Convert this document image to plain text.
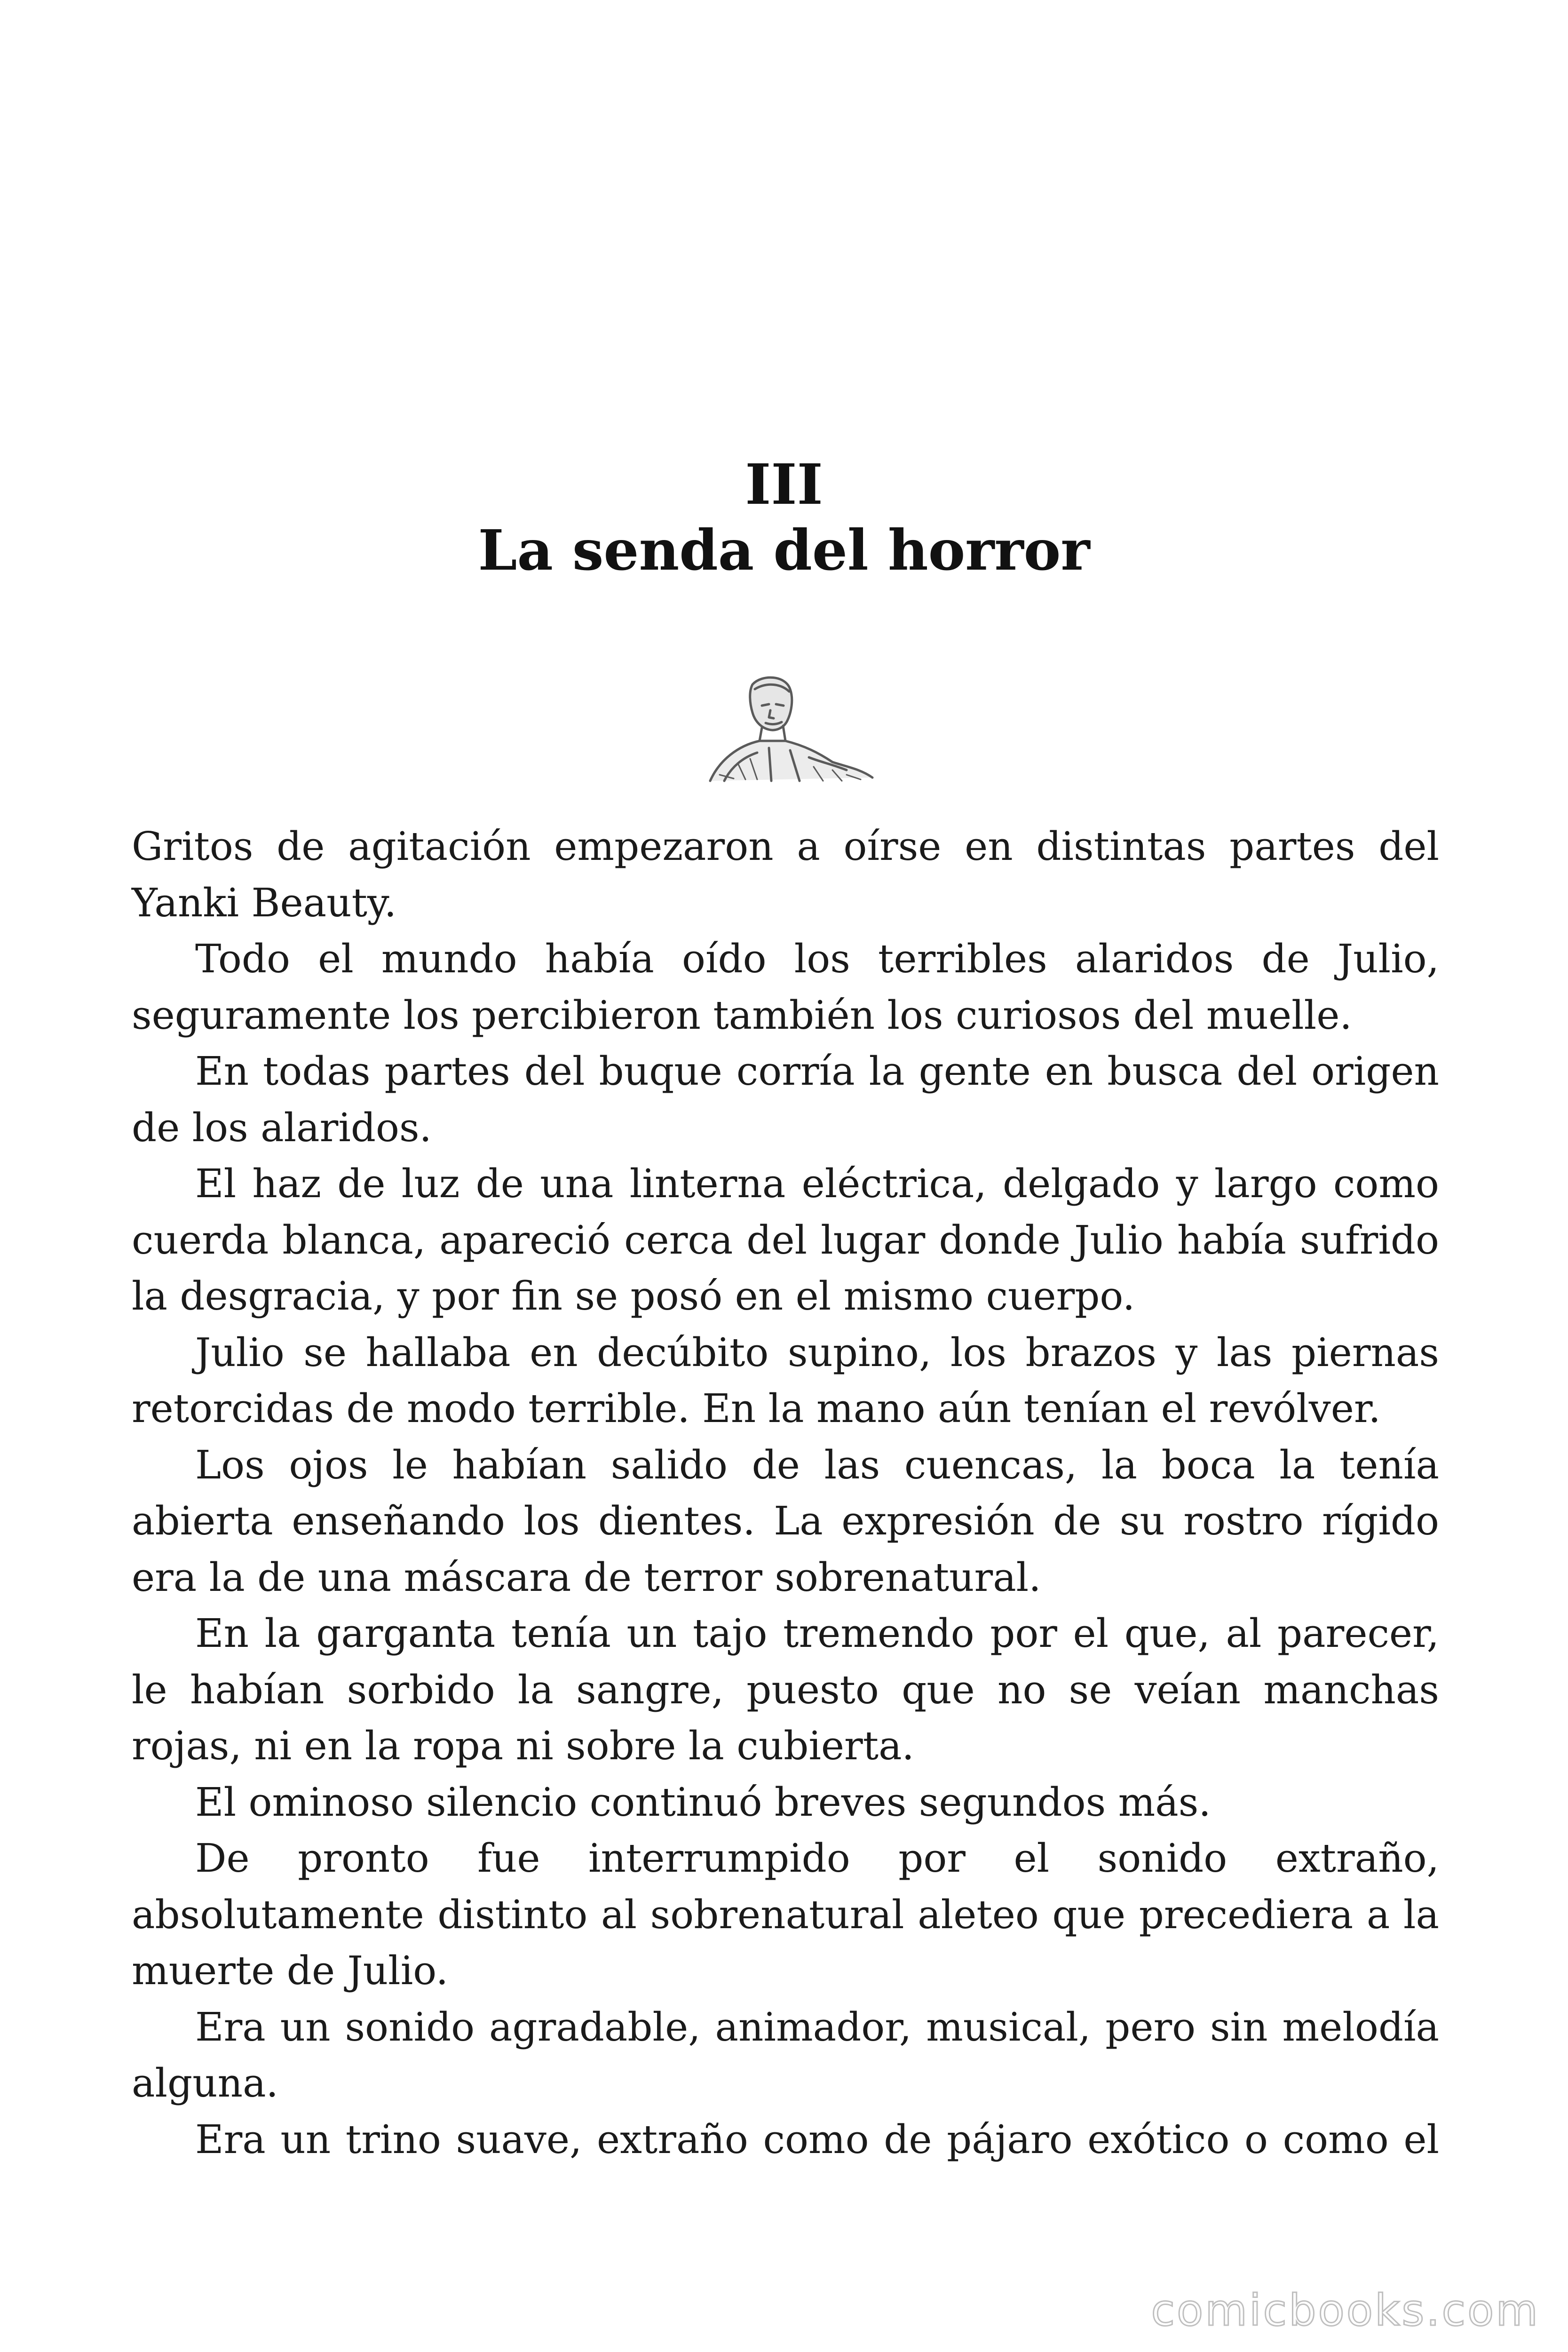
III
La senda del horror

Gritos de agitación empezaron a oírse en distintas partes del Yanki Beauty.

Todo el mundo había oído los terribles alaridos de Julio, seguramente los percibieron también los curiosos del muelle.

En todas partes del buque corría la gente en busca del origen de los alaridos.

El haz de luz de una linterna eléctrica, delgado y largo como cuerda blanca, apareció cerca del lugar donde Julio había sufrido la desgracia, y por fin se posó en el mismo cuerpo.

Julio se hallaba en decúbito supino, los brazos y las piernas retorcidas de modo terrible. En la mano aún tenían el revólver.

Los ojos le habían salido de las cuencas, la boca la tenía abierta enseñando los dientes. La expresión de su rostro rígido era la de una máscara de terror sobrenatural.

En la garganta tenía un tajo tremendo por el que, al parecer, le habían sorbido la sangre, puesto que no se veían manchas rojas, ni en la ropa ni sobre la cubierta.

El ominoso silencio continuó breves segundos más.

De pronto fue interrumpido por el sonido extraño, absolutamente distinto al sobrenatural aleteo que precediera a la muerte de Julio.

Era un sonido agradable, animador, musical, pero sin melodía alguna.

Era un trino suave, extraño como de pájaro exótico o como el

comicbooks.com
